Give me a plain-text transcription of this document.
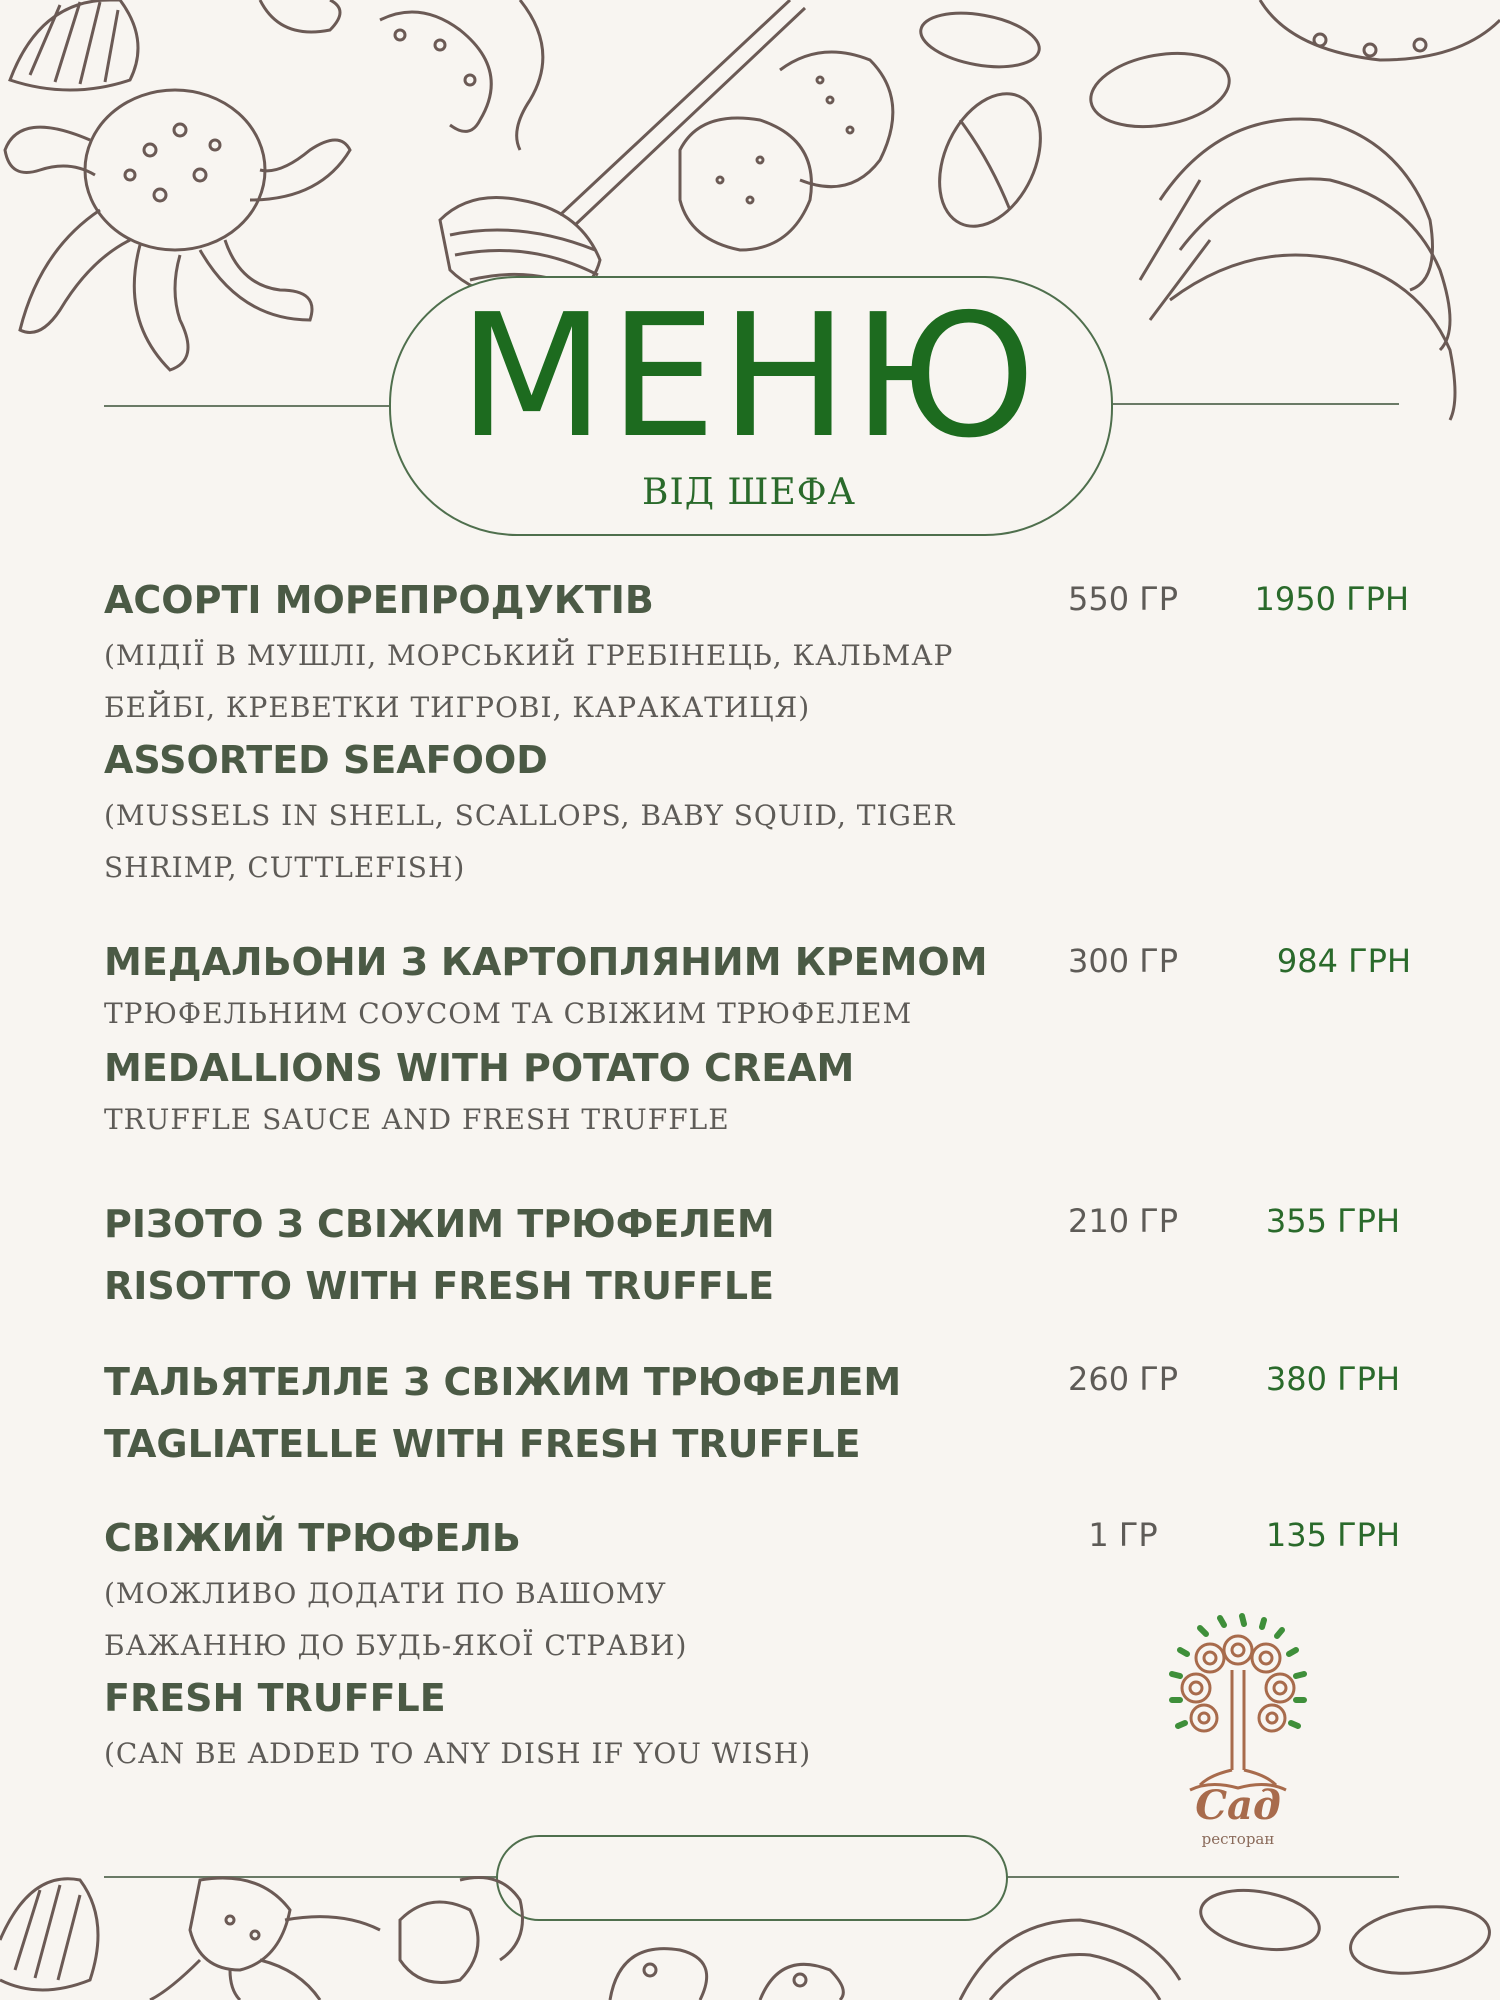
МЕНЮ
ВІД ШЕФА
АСОРТІ МОРЕПРОДУКТІВ
(МІДІЇ В МУШЛІ, МОРСЬКИЙ ГРЕБІНЕЦЬ, КАЛЬМАР
БЕЙБІ, КРЕВЕТКИ ТИГРОВІ, КАРАКАТИЦЯ)
ASSORTED SEAFOOD
(MUSSELS IN SHELL, SCALLOPS, BABY SQUID, TIGER
SHRIMP, CUTTLEFISH)
550 ГР	1950 ГРН
МЕДАЛЬОНИ З КАРТОПЛЯНИМ КРЕМОМ
ТРЮФЕЛЬНИМ СОУСОМ ТА СВІЖИМ ТРЮФЕЛЕМ
MEDALLIONS WITH POTATO CREAM
TRUFFLE SAUCE AND FRESH TRUFFLE
300 ГР	984 ГРН
РІЗОТО З СВІЖИМ ТРЮФЕЛЕМ
RISOTTO WITH FRESH TRUFFLE
210 ГР	355 ГРН
ТАЛЬЯТЕЛЛЕ З СВІЖИМ ТРЮФЕЛЕМ
TAGLIATELLE WITH FRESH TRUFFLE
260 ГР	380 ГРН
СВІЖИЙ ТРЮФЕЛЬ
(МОЖЛИВО ДОДАТИ ПО ВАШОМУ
БАЖАННЮ ДО БУДЬ-ЯКОЇ СТРАВИ)
FRESH TRUFFLE
(CAN BE ADDED TO ANY DISH IF YOU WISH)
1 ГР	135 ГРН
Сад
ресторан
